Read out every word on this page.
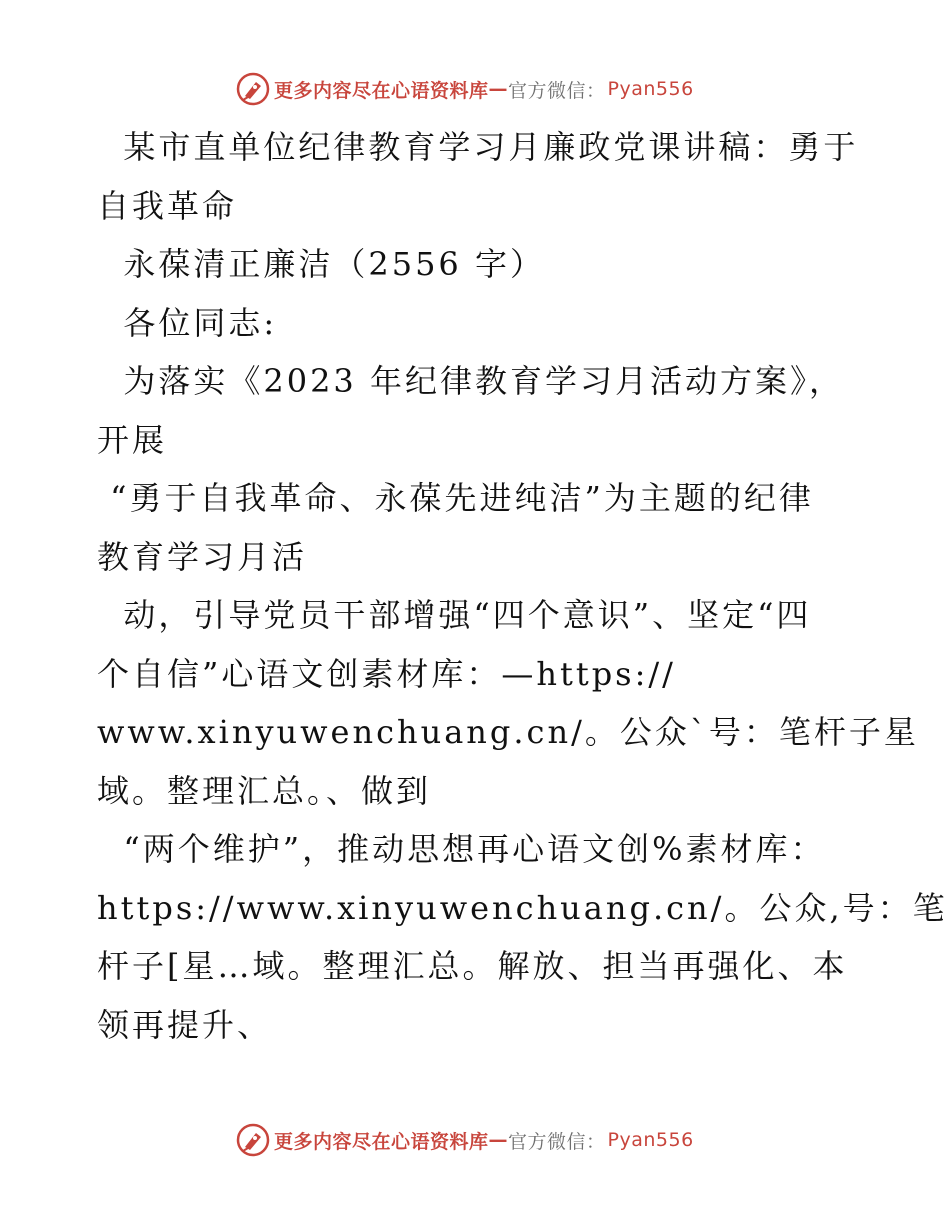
更多内容尽在心语资料库 — 官方微信： Pyan556

某市直单位纪律教育学习月廉政党课讲稿：勇于

自我革命

永葆清正廉洁（2556 字）

各位同志:

为落实《2023 年纪律教育学习月活动方案》，

开展

“勇于自我革命、永葆先进纯洁”为主题的纪律

教育学习月活

动，引导党员干部增强“四个意识”、坚定“四

个自信”心语文创素材库：—https://

www.xinyuwenchuang.cn/。公众`号：笔杆子星

域。整理汇总。、做到

“两个维护”，推动思想再心语文创%素材库：

https://www.xinyuwenchuang.cn/。公众,号：笔

杆子[星…域。整理汇总。解放、担当再强化、本

领再提升、

更多内容尽在心语资料库 — 官方微信： Pyan556
